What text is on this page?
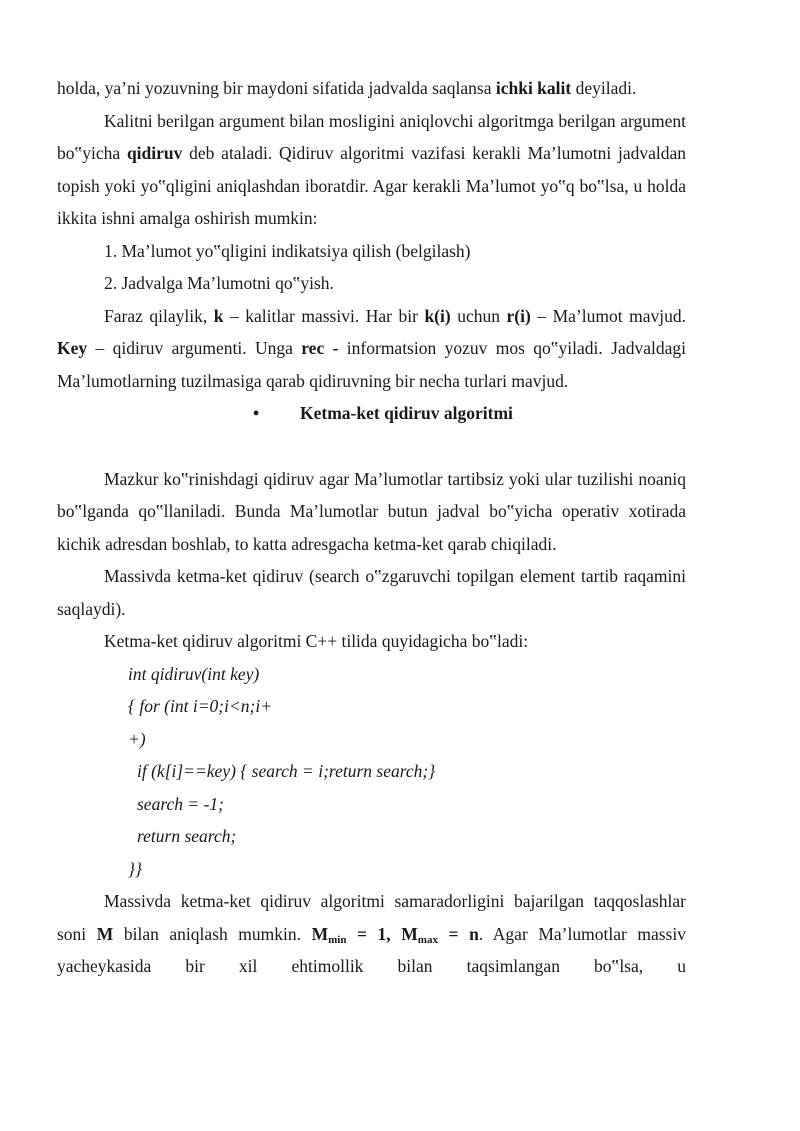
holda, ya’ni yozuvning bir maydoni sifatida jadvalda saqlansa ichki kalit deyiladi.

Kalitni berilgan argument bilan mosligini aniqlovchi algoritmga berilgan argument bo‟yicha qidiruv deb ataladi. Qidiruv algoritmi vazifasi kerakli Ma’lumotni jadvaldan topish yoki yo‟qligini aniqlashdan iboratdir. Agar kerakli Ma’lumot yo‟q bo‟lsa, u holda ikkita ishni amalga oshirish mumkin:

1. Ma’lumot yo‟qligini indikatsiya qilish (belgilash)

2. Jadvalga Ma’lumotni qo‟yish.

Faraz qilaylik, k – kalitlar massivi. Har bir k(i) uchun r(i) – Ma’lumot mavjud. Key – qidiruv argumenti. Unga rec - informatsion yozuv mos qo‟yiladi. Jadvaldagi Ma’lumotlarning tuzilmasiga qarab qidiruvning bir necha turlari mavjud.

• Ketma-ket qidiruv algoritmi

Mazkur ko‟rinishdagi qidiruv agar Ma’lumotlar tartibsiz yoki ular tuzilishi noaniq bo‟lganda qo‟llaniladi. Bunda Ma’lumotlar butun jadval bo‟yicha operativ xotirada kichik adresdan boshlab, to katta adresgacha ketma-ket qarab chiqiladi.

Massivda ketma-ket qidiruv (search o‟zgaruvchi topilgan element tartib raqamini saqlaydi).

Ketma-ket qidiruv algoritmi C++ tilida quyidagicha bo‟ladi:

int qidiruv(int key)

{ for (int i=0;i<n;i+

+)

if (k[i]==key) { search = i;return search;}

search = -1;

return search;

}}

Massivda ketma-ket qidiruv algoritmi samaradorligini bajarilgan taqqoslashlar soni M bilan aniqlash mumkin. $M_{min} = 1$, $M_{max} = n$. Agar Ma’lumotlar massiv yacheykasida bir xil ehtimollik bilan taqsimlangan bo‟lsa, u
